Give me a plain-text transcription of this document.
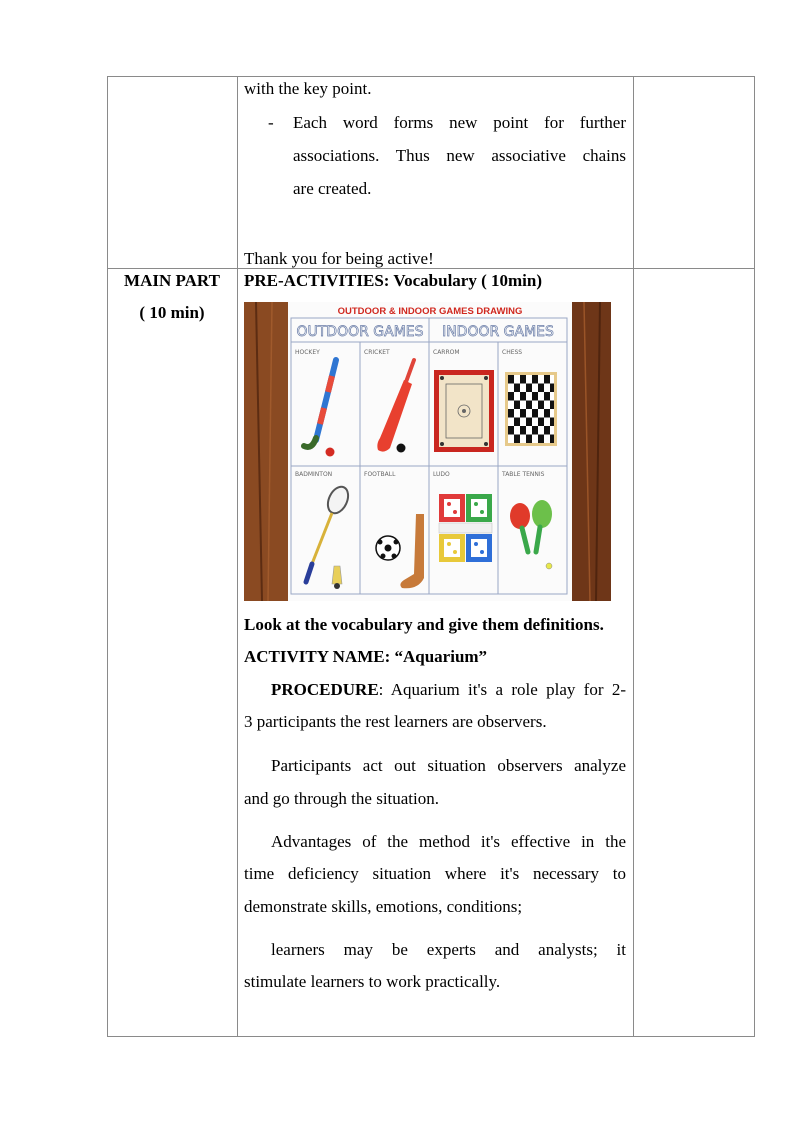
with the key point.
- Each word forms new point for further
associations. Thus new associative chains
are created.
Thank you for being active!
MAIN PART
( 10 min)
PRE-ACTIVITIES: Vocabulary ( 10min)
OUTDOOR & INDOOR GAMES DRAWING
OUTDOOR GAMES INDOOR GAMES
HOCKEY	CRICKET	CARROM	CHESS
BADMINTON	FOOTBALL	LUDO	TABLE TENNIS
Look at the vocabulary and give them definitions.
ACTIVITY NAME: “Aquarium”
PROCEDURE: Aquarium it's a role play for 2-
3 participants the rest learners are observers.
Participants act out situation observers analyze
and go through the situation.
Advantages of the method it's effective in the
time deficiency situation where it's necessary to
demonstrate skills, emotions, conditions;
learners may be experts and analysts; it
stimulate learners to work practically.
